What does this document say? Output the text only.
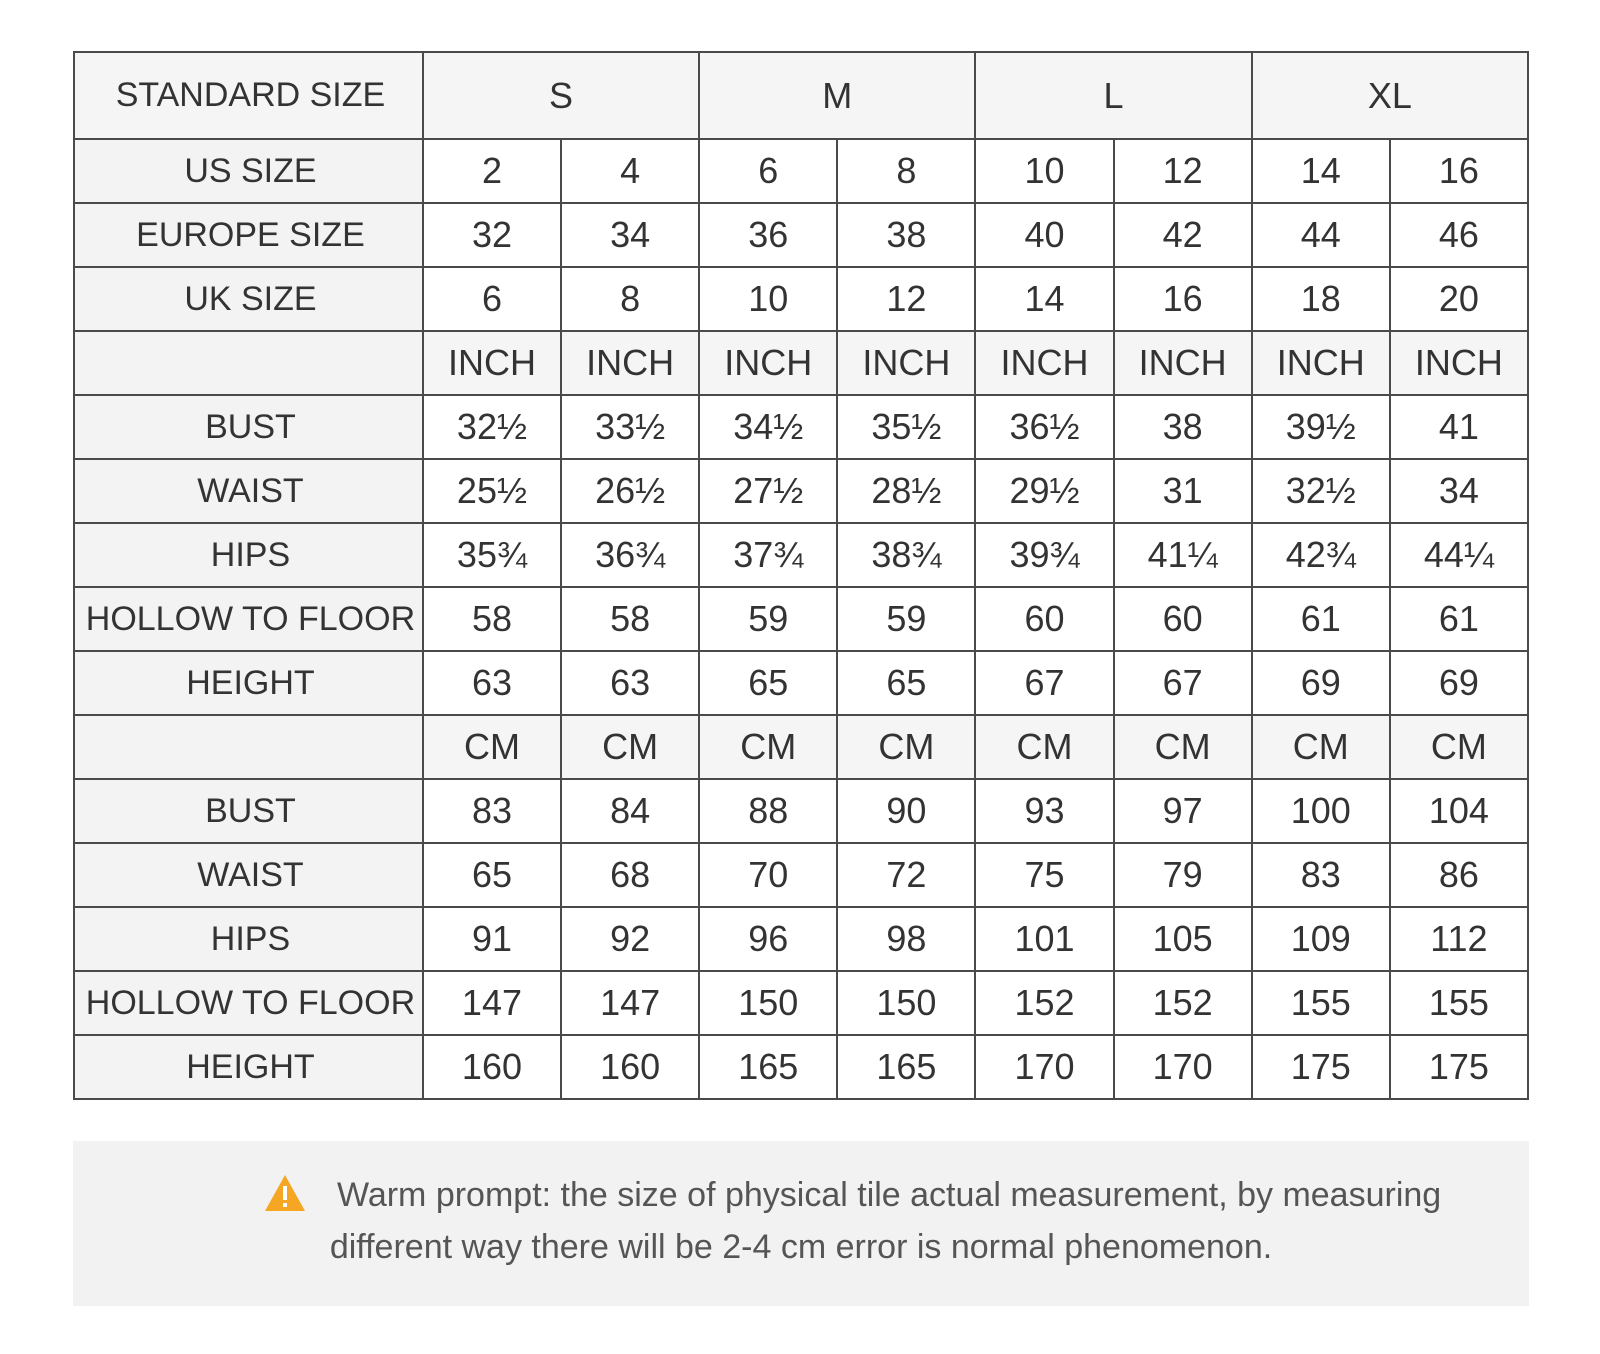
STANDARD SIZE	S		M		L		XL	
US SIZE	2	4	6	8	10	12	14	16
EUROPE SIZE	32	34	36	38	40	42	44	46
UK SIZE	6	8	10	12	14	16	18	20
	INCH	INCH	INCH	INCH	INCH	INCH	INCH	INCH
BUST	32½	33½	34½	35½	36½	38	39½	41
WAIST	25½	26½	27½	28½	29½	31	32½	34
HIPS	35¾	36¾	37¾	38¾	39¾	41¼	42¾	44¼
HOLLOW TO FLOOR	58	58	59	59	60	60	61	61
HEIGHT	63	63	65	65	67	67	69	69
	CM	CM	CM	CM	CM	CM	CM	CM
BUST	83	84	88	90	93	97	100	104
WAIST	65	68	70	72	75	79	83	86
HIPS	91	92	96	98	101	105	109	112
HOLLOW TO FLOOR	147	147	150	150	152	152	155	155
HEIGHT	160	160	165	165	170	170	175	175
Warm prompt: the size of physical tile actual measurement, by measuring
different way there will be 2-4 cm error is normal phenomenon.
